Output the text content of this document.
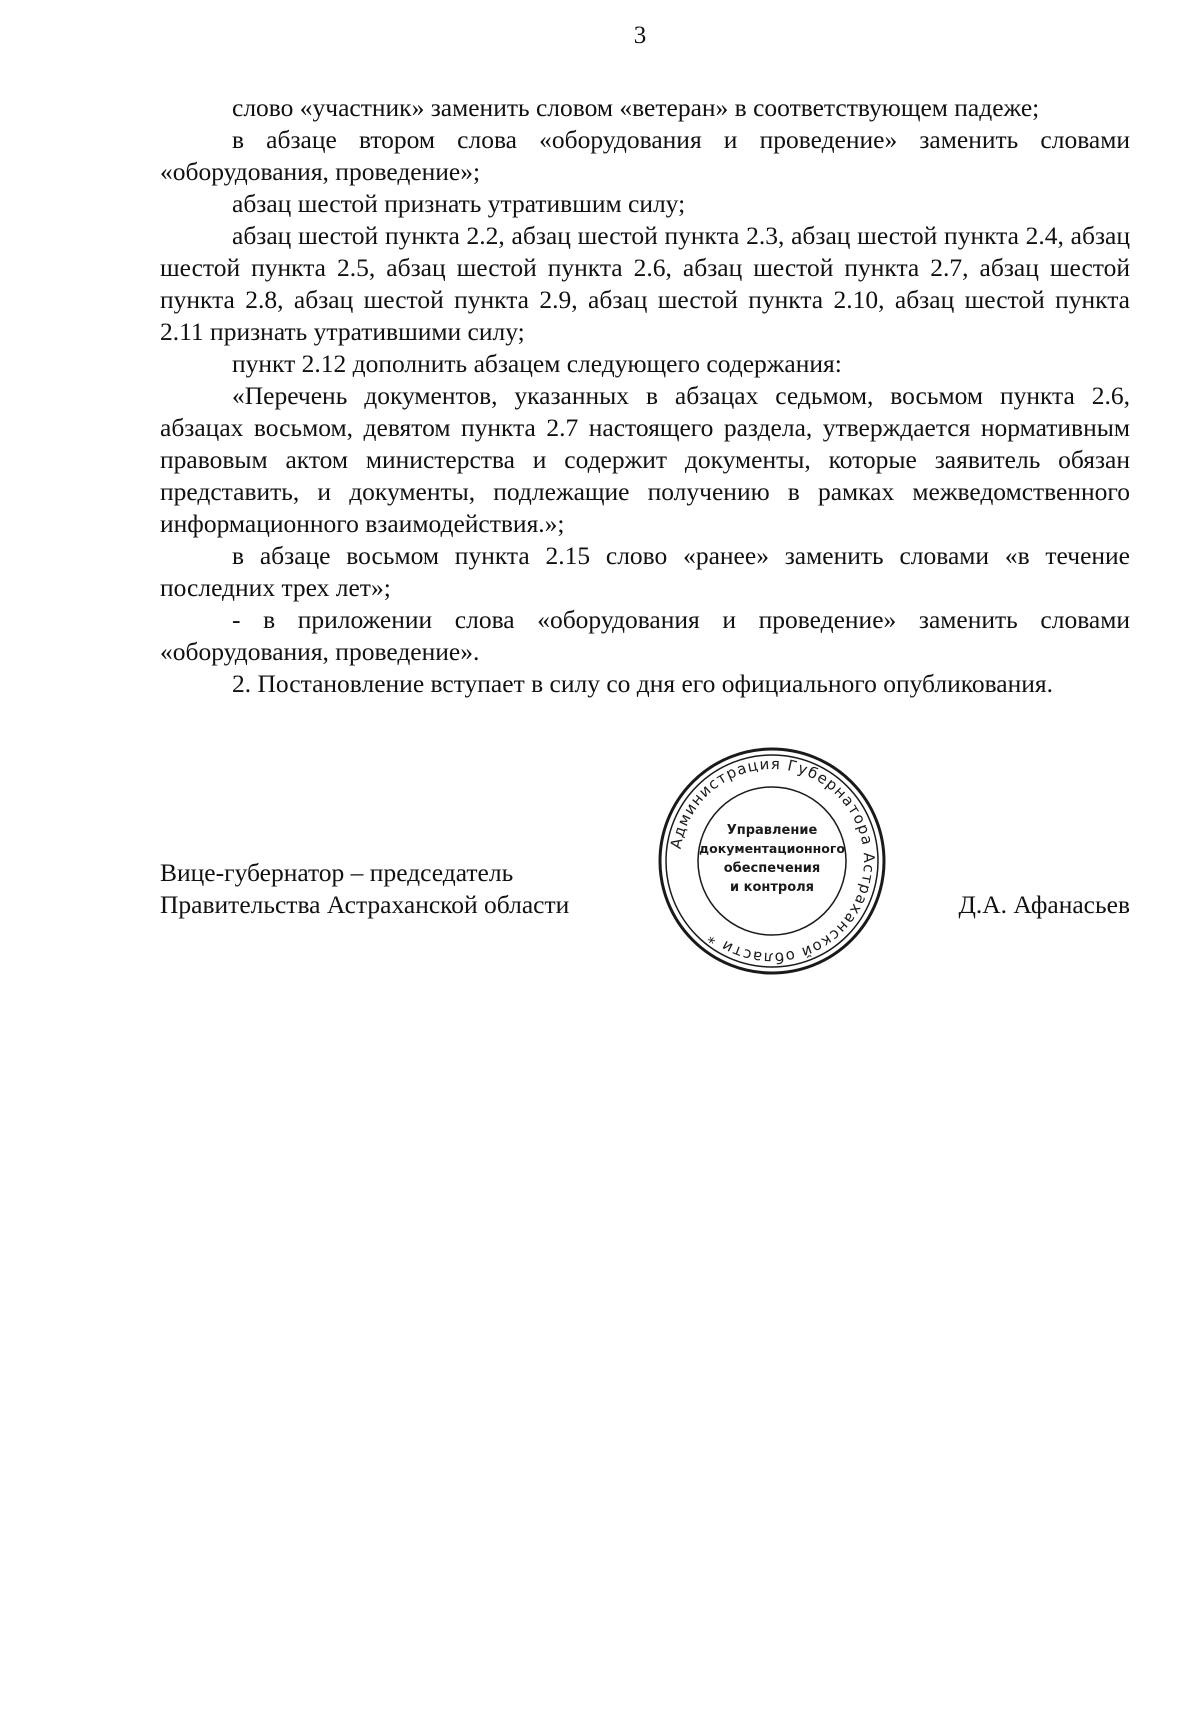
3

слово «участник» заменить словом «ветеран» в соответствующем падеже;

в абзаце втором слова «оборудования и проведение» заменить словами «оборудования, проведение»;

абзац шестой признать утратившим силу;

абзац шестой пункта 2.2, абзац шестой пункта 2.3, абзац шестой пункта 2.4, абзац шестой пункта 2.5, абзац шестой пункта 2.6, абзац шестой пункта 2.7, абзац шестой пункта 2.8, абзац шестой пункта 2.9, абзац шестой пункта 2.10, абзац шестой пункта 2.11 признать утратившими силу;

пункт 2.12 дополнить абзацем следующего содержания:

«Перечень документов, указанных в абзацах седьмом, восьмом пункта 2.6, абзацах восьмом, девятом пункта 2.7 настоящего раздела, утверждается нормативным правовым актом министерства и содержит документы, которые заявитель обязан представить, и документы, подлежащие получению в рамках межведомственного информационного взаимодействия.»;

в абзаце восьмом пункта 2.15 слово «ранее» заменить словами «в течение последних трех лет»;

- в приложении слова «оборудования и проведение» заменить словами «оборудования, проведение».

2. Постановление вступает в силу со дня его официального опубликования.

Вице-губернатор – председатель
Правительства Астраханской области
Администрация Губернатора Астраханской области *
Управление
документационного
обеспечения
и контроля
Д.А. Афанасьев
